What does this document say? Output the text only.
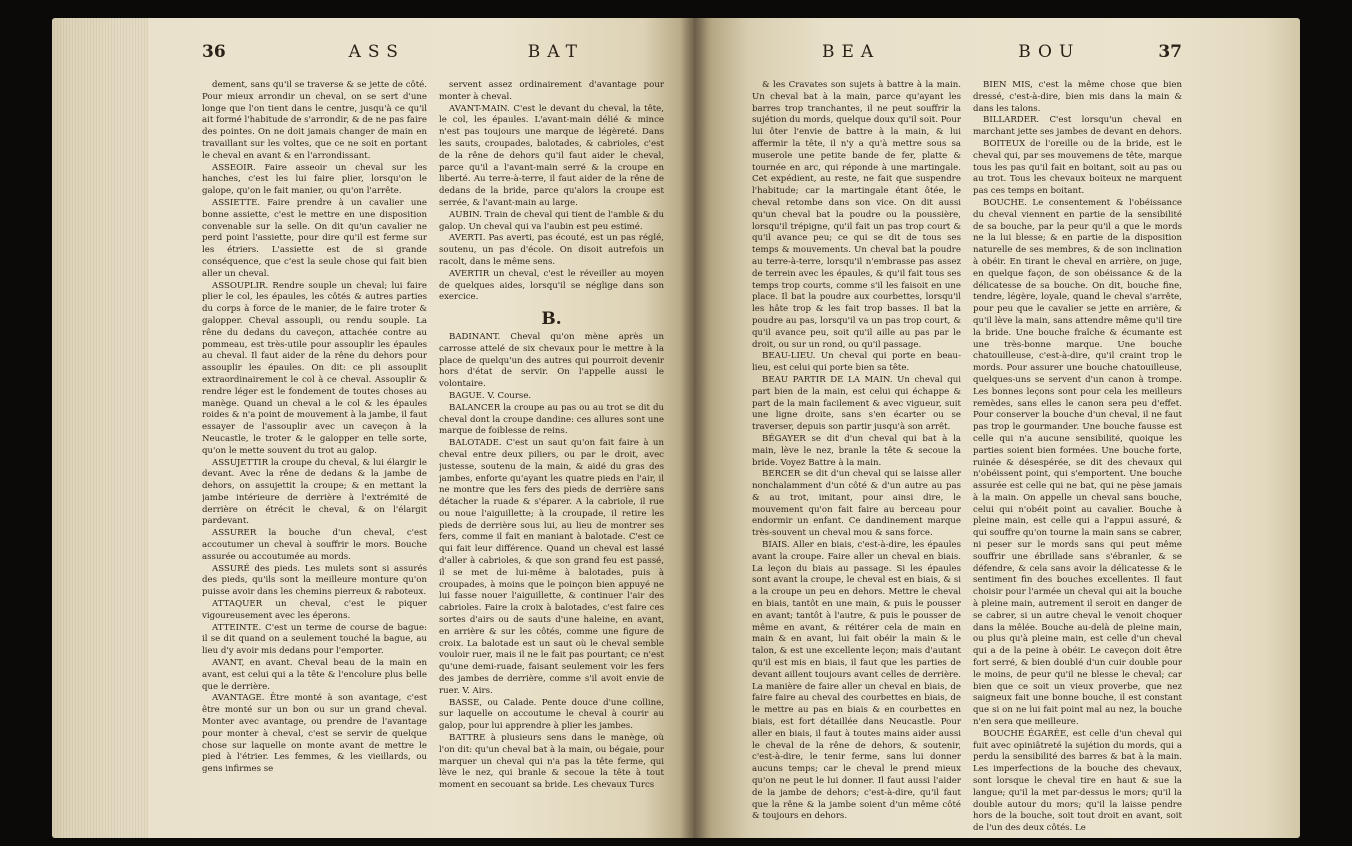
36	ASS	BAT

dement, sans qu'il se traverse & se jette de côté. Pour mieux arrondir un cheval, on se sert d'une longe que l'on tient dans le centre, jusqu'à ce qu'il ait formé l'habitude de s'arrondir, & de ne pas faire des pointes. On ne doit jamais changer de main en travaillant sur les voltes, que ce ne soit en portant le cheval en avant & en l'arrondissant.

ASSEOIR. Faire asseoir un cheval sur les hanches, c'est les lui faire plier, lorsqu'on le galope, qu'on le fait manier, ou qu'on l'arrête.

ASSIETTE. Faire prendre à un cavalier une bonne assiette, c'est le mettre en une disposition convenable sur la selle. On dit qu'un cavalier ne perd point l'assiette, pour dire qu'il est ferme sur les étriers. L'assiette est de si grande conséquence, que c'est la seule chose qui fait bien aller un cheval.

ASSOUPLIR. Rendre souple un cheval; lui faire plier le col, les épaules, les côtés & autres parties du corps à force de le manier, de le faire troter & galopper. Cheval assoupli, ou rendu souple. La rêne du dedans du caveçon, attachée contre au pommeau, est très-utile pour assouplir les épaules au cheval. Il faut aider de la rêne du dehors pour assouplir les épaules. On dit: ce pli assouplit extraordinairement le col à ce cheval. Assouplir & rendre léger est le fondement de toutes choses au manège. Quand un cheval a le col & les épaules roides & n'a point de mouvement à la jambe, il faut essayer de l'assouplir avec un caveçon à la Neucastle, le troter & le galopper en telle sorte, qu'on le mette souvent du trot au galop.

ASSUJETTIR la croupe du cheval, & lui élargir le devant. Avec la rêne de dedans & la jambe de dehors, on assujettit la croupe; & en mettant la jambe intérieure de derrière à l'extrémité de derrière on étrécit le cheval, & on l'élargit pardevant.

ASSURER la bouche d'un cheval, c'est accoutumer un cheval à souffrir le mors. Bouche assurée ou accoutumée au mords.

ASSURÉ des pieds. Les mulets sont si assurés des pieds, qu'ils sont la meilleure monture qu'on puisse avoir dans les chemins pierreux & raboteux.

ATTAQUER un cheval, c'est le piquer vigoureusement avec les éperons.

ATTEINTE. C'est un terme de course de bague: il se dit quand on a seulement touché la bague, au lieu d'y avoir mis dedans pour l'emporter.

AVANT, en avant. Cheval beau de la main en avant, est celui qui a la tête & l'encolure plus belle que le derrière.

AVANTAGE. Être monté à son avantage, c'est être monté sur un bon ou sur un grand cheval. Monter avec avantage, ou prendre de l'avantage pour monter à cheval, c'est se servir de quelque chose sur laquelle on monte avant de mettre le pied à l'étrier. Les femmes, & les vieillards, ou gens infirmes se

servent assez ordinairement d'avantage pour monter à cheval.

AVANT-MAIN. C'est le devant du cheval, la tête, le col, les épaules. L'avant-main délié & mince n'est pas toujours une marque de légèreté. Dans les sauts, croupades, balotades, & cabrioles, c'est de la rêne de dehors qu'il faut aider le cheval, parce qu'il a l'avant-main serré & la croupe en liberté. Au terre-à-terre, il faut aider de la rêne de dedans de la bride, parce qu'alors la croupe est serrée, & l'avant-main au large.

AUBIN. Train de cheval qui tient de l'amble & du galop. Un cheval qui va l'aubin est peu estimé.

AVERTI. Pas averti, pas écouté, est un pas réglé, soutenu, un pas d'école. On disoit autrefois un racolt, dans le même sens.

AVERTIR un cheval, c'est le réveiller au moyen de quelques aides, lorsqu'il se néglige dans son exercice.

B.

BADINANT. Cheval qu'on mène après un carrosse attelé de six chevaux pour le mettre à la place de quelqu'un des autres qui pourroit devenir hors d'état de servir. On l'appelle aussi le volontaire.

BAGUE. V. Course.

BALANCER la croupe au pas ou au trot se dit du cheval dont la croupe dandine: ces allures sont une marque de foiblesse de reins.

BALOTADE. C'est un saut qu'on fait faire à un cheval entre deux piliers, ou par le droit, avec justesse, soutenu de la main, & aidé du gras des jambes, enforte qu'ayant les quatre pieds en l'air, il ne montre que les fers des pieds de derrière sans détacher la ruade & s'éparer. A la cabriole, il rue ou noue l'aiguillette; à la croupade, il retire les pieds de derrière sous lui, au lieu de montrer ses fers, comme il fait en maniant à balotade. C'est ce qui fait leur différence. Quand un cheval est lassé d'aller à cabrioles, & que son grand feu est passé, il se met de lui-même à balotades, puis à croupades, à moins que le poinçon bien appuyé ne lui fasse nouer l'aiguillette, & continuer l'air des cabrioles. Faire la croix à balotades, c'est faire ces sortes d'airs ou de sauts d'une haleine, en avant, en arrière & sur les côtés, comme une figure de croix. La balotade est un saut où le cheval semble vouloir ruer, mais il ne le fait pas pourtant; ce n'est qu'une demi-ruade, faisant seulement voir les fers des jambes de derrière, comme s'il avoit envie de ruer. V. Airs.

BASSE, ou Calade. Pente douce d'une colline, sur laquelle on accoutume le cheval à courir au galop, pour lui apprendre à plier les jambes.

BATTRE à plusieurs sens dans le manège, où l'on dit: qu'un cheval bat à la main, ou bégaie, pour marquer un cheval qui n'a pas la tête ferme, qui lève le nez, qui branle & secoue la tête à tout moment en secouant sa bride. Les chevaux Turcs

BEA	BOU	37

& les Cravates son sujets à battre à la main. Un cheval bat à la main, parce qu'ayant les barres trop tranchantes, il ne peut souffrir la sujétion du mords, quelque doux qu'il soit. Pour lui ôter l'envie de battre à la main, & lui affermir la tête, il n'y a qu'à mettre sous sa muserole une petite bande de fer, platte & tournée en arc, qui réponde à une martingale. Cet expédient, au reste, ne fait que suspendre l'habitude; car la martingale étant ôtée, le cheval retombe dans son vice. On dit aussi qu'un cheval bat la poudre ou la poussière, lorsqu'il trépigne, qu'il fait un pas trop court & qu'il avance peu; ce qui se dit de tous ses temps & mouvements. Un cheval bat la poudre au terre-à-terre, lorsqu'il n'embrasse pas assez de terrein avec les épaules, & qu'il fait tous ses temps trop courts, comme s'il les faisoit en une place. Il bat la poudre aux courbettes, lorsqu'il les hâte trop & les fait trop basses. Il bat la poudre au pas, lorsqu'il va un pas trop court, & qu'il avance peu, soit qu'il aille au pas par le droit, ou sur un rond, ou qu'il passage.

BEAU-LIEU. Un cheval qui porte en beau-lieu, est celui qui porte bien sa tête.

BEAU PARTIR DE LA MAIN. Un cheval qui part bien de la main, est celui qui échappe & part de la main facilement & avec vigueur, suit une ligne droite, sans s'en écarter ou se traverser, depuis son partir jusqu'à son arrêt.

BÉGAYER se dit d'un cheval qui bat à la main, lève le nez, branle la tête & secoue la bride. Voyez Battre à la main.

BERCER se dit d'un cheval qui se laisse aller nonchalamment d'un côté & d'un autre au pas & au trot, imitant, pour ainsi dire, le mouvement qu'on fait faire au berceau pour endormir un enfant. Ce dandinement marque très-souvent un cheval mou & sans force.

BIAIS. Aller en biais, c'est-à-dire, les épaules avant la croupe. Faire aller un cheval en biais. La leçon du biais au passage. Si les épaules sont avant la croupe, le cheval est en biais, & si a la croupe un peu en dehors. Mettre le cheval en biais, tantôt en une main, & puis le pousser en avant; tantôt à l'autre, & puis le pousser de même en avant, & réitérer cela de main en main & en avant, lui fait obéir la main & le talon, & est une excellente leçon; mais d'autant qu'il est mis en biais, il faut que les parties de devant aillent toujours avant celles de derrière. La manière de faire aller un cheval en biais, de faire faire au cheval des courbettes en biais, de le mettre au pas en biais & en courbettes en biais, est fort détaillée dans Neucastle. Pour aller en biais, il faut à toutes mains aider aussi le cheval de la rêne de dehors, & soutenir, c'est-à-dire, le tenir ferme, sans lui donner aucuns temps; car le cheval le prend mieux qu'on ne peut le lui donner. Il faut aussi l'aider de la jambe de dehors; c'est-à-dire, qu'il faut que la rêne & la jambe soient d'un même côté & toujours en dehors.

BIEN MIS, c'est la même chose que bien dressé, c'est-à-dire, bien mis dans la main & dans les talons.

BILLARDER. C'est lorsqu'un cheval en marchant jette ses jambes de devant en dehors.

BOITEUX de l'oreille ou de la bride, est le cheval qui, par ses mouvemens de tête, marque tous les pas qu'il fait en boitant, soit au pas ou au trot. Tous les chevaux boiteux ne marquent pas ces temps en boitant.

BOUCHE. Le consentement & l'obéissance du cheval viennent en partie de la sensibilité de sa bouche, par la peur qu'il a que le mords ne la lui blesse; & en partie de la disposition naturelle de ses membres, & de son inclination à obéir. En tirant le cheval en arrière, on juge, en quelque façon, de son obéissance & de la délicatesse de sa bouche. On dit, bouche fine, tendre, légère, loyale, quand le cheval s'arrête, pour peu que le cavalier se jette en arrière, & qu'il lève la main, sans attendre même qu'il tire la bride. Une bouche fraîche & écumante est une très-bonne marque. Une bouche chatouilleuse, c'est-à-dire, qu'il craint trop le mords. Pour assurer une bouche chatouilleuse, quelques-uns se servent d'un canon à trompe. Les bonnes leçons sont pour cela les meilleurs remèdes, sans elles le canon sera peu d'effet. Pour conserver la bouche d'un cheval, il ne faut pas trop le gourmander. Une bouche fausse est celle qui n'a aucune sensibilité, quoique les parties soient bien formées. Une bouche forte, ruinée & désespérée, se dit des chevaux qui n'obéissent point, qui s'emportent. Une bouche assurée est celle qui ne bat, qui ne pèse jamais à la main. On appelle un cheval sans bouche, celui qui n'obéit point au cavalier. Bouche à pleine main, est celle qui a l'appui assuré, & qui souffre qu'on tourne la main sans se cabrer, ni peser sur le mords sans qui peut même souffrir une ébrillade sans s'ébranler, & se défendre, & cela sans avoir la délicatesse & le sentiment fin des bouches excellentes. Il faut choisir pour l'armée un cheval qui ait la bouche à pleine main, autrement il seroit en danger de se cabrer, si un autre cheval le venoit choquer dans la mêlée. Bouche au-delà de pleine main, ou plus qu'à pleine main, est celle d'un cheval qui a de la peine à obéir. Le caveçon doit être fort serré, & bien doublé d'un cuir double pour le moins, de peur qu'il ne blesse le cheval; car bien que ce soit un vieux proverbe, que nez saigneux fait une bonne bouche, il est constant que si on ne lui fait point mal au nez, la bouche n'en sera que meilleure.

BOUCHE ÉGARÉE, est celle d'un cheval qui fuit avec opiniâtreté la sujétion du mords, qui a perdu la sensibilité des barres & bat à la main. Les imperfections de la bouche des chevaux, sont lorsque le cheval tire en haut & sue la langue; qu'il la met par-dessus le mors; qu'il la double autour du mors; qu'il la laisse pendre hors de la bouche, soit tout droit en avant, soit de l'un des deux côtés. Le
